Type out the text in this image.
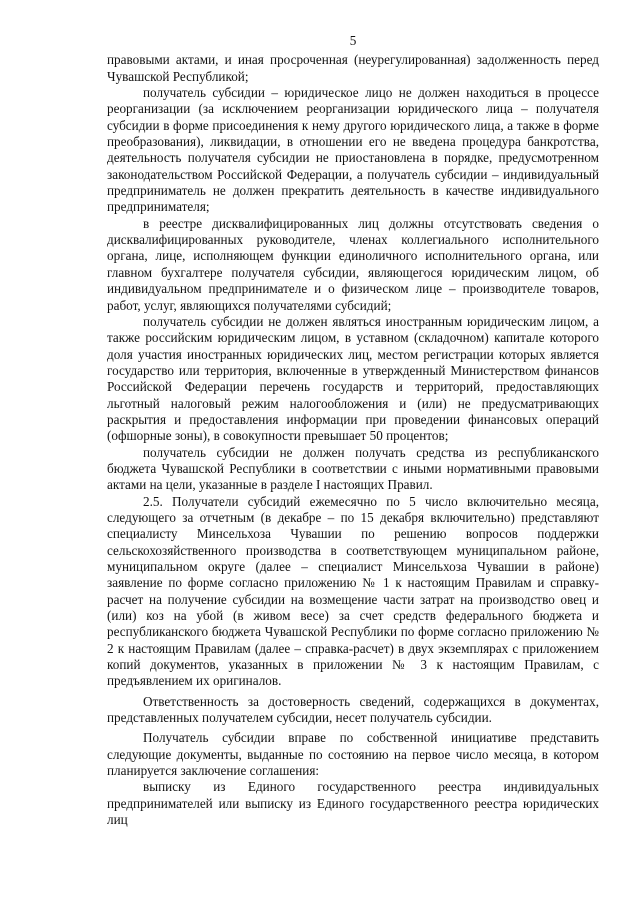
5

правовыми актами, и иная просроченная (неурегулированная) задолженность перед Чувашской Республикой;

получатель субсидии – юридическое лицо не должен находиться в процессе реорганизации (за исключением реорганизации юридического лица – получателя субсидии в форме присоединения к нему другого юридического лица, а также в форме преобразования), ликвидации, в отношении его не введена процедура банкротства, деятельность получателя субсидии не приостановлена в порядке, предусмотренном законодательством Российской Федерации, а получатель субсидии – индивидуальный предприниматель не должен прекратить деятельность в качестве индивидуального предпринимателя;

в реестре дисквалифицированных лиц должны отсутствовать сведения о дисквалифицированных руководителе, членах коллегиального исполнительного органа, лице, исполняющем функции единоличного исполнительного органа, или главном бухгалтере получателя субсидии, являющегося юридическим лицом, об индивидуальном предпринимателе и о физическом лице – производителе товаров, работ, услуг, являющихся получателями субсидий;

получатель субсидии не должен являться иностранным юридическим лицом, а также российским юридическим лицом, в уставном (складочном) капитале которого доля участия иностранных юридических лиц, местом регистрации которых является государство или территория, включенные в утвержденный Министерством финансов Российской Федерации перечень государств и территорий, предоставляющих льготный налоговый режим налогообложения и (или) не предусматривающих раскрытия и предоставления информации при проведении финансовых операций (офшорные зоны), в совокупности превышает 50 процентов;

получатель субсидии не должен получать средства из республиканского бюджета Чувашской Республики в соответствии с иными нормативными правовыми актами на цели, указанные в разделе I настоящих Правил.

2.5. Получатели субсидий ежемесячно по 5 число включительно месяца, следующего за отчетным (в декабре – по 15 декабря включительно) представляют специалисту Минсельхоза Чувашии по решению вопросов поддержки сельскохозяйственного производства в соответствующем муниципальном районе, муниципальном округе (далее – специалист Минсельхоза Чувашии в районе) заявление по форме согласно приложению № 1 к настоящим Правилам и справку-расчет на получение субсидии на возмещение части затрат на производство овец и (или) коз на убой (в живом весе) за счет средств федерального бюджета и республиканского бюджета Чувашской Республики по форме согласно приложению № 2 к настоящим Правилам (далее – справка-расчет) в двух экземплярах с приложением копий документов, указанных в приложении № 3 к настоящим Правилам, с предъявлением их оригиналов.

Ответственность за достоверность сведений, содержащихся в документах, представленных получателем субсидии, несет получатель субсидии.

Получатель субсидии вправе по собственной инициативе представить следующие документы, выданные по состоянию на первое число месяца, в котором планируется заключение соглашения:

выписку из Единого государственного реестра индивидуальных предпринимателей или выписку из Единого государственного реестра юридических лиц
